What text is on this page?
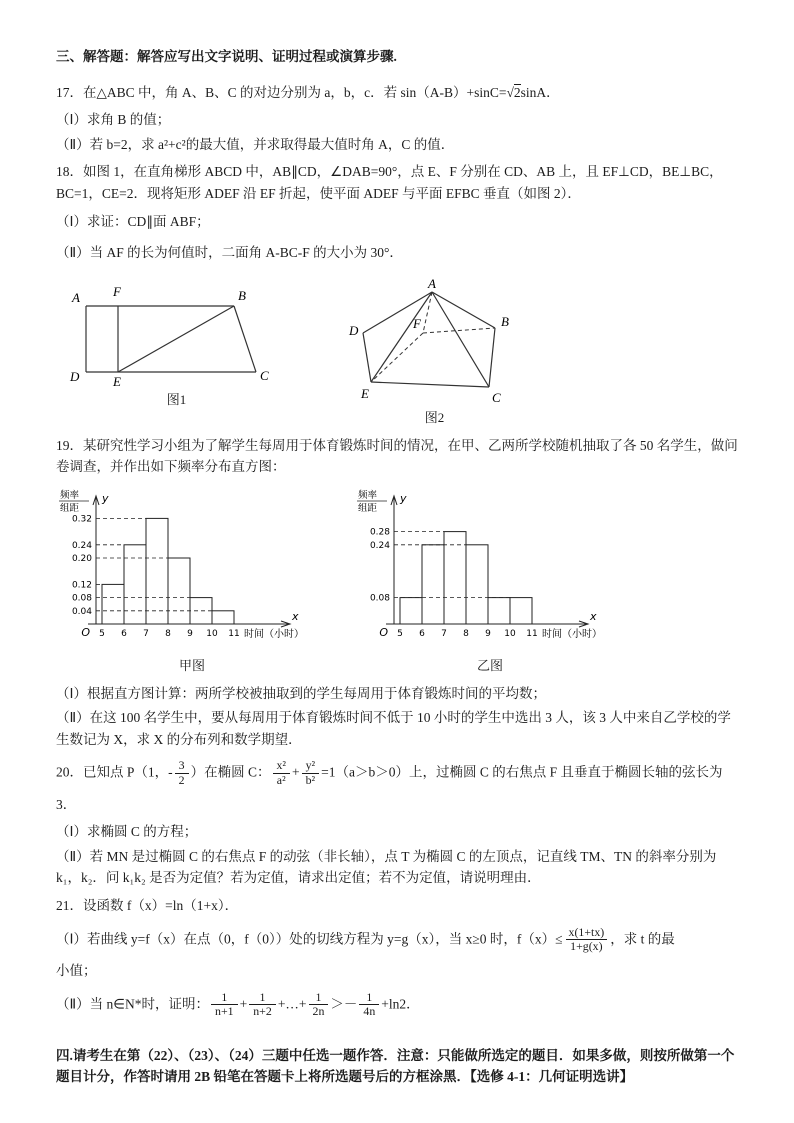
三、解答题：解答应写出文字说明、证明过程或演算步骤.

17．在△ABC 中，角 A、B、C 的对边分别为 a，b，c．若 sin（A-B）+sinC=√2sinA．

（Ⅰ）求角 B 的值；

（Ⅱ）若 b=2，求 a²+c²的最大值，并求取得最大值时角 A，C 的值．

18．如图 1，在直角梯形 ABCD 中，AB∥CD，∠DAB=90°，点 E、F 分别在 CD、AB 上，且 EF⊥CD，BE⊥BC，BC=1，CE=2．现将矩形 ADEF 沿 EF 折起，使平面 ADEF 与平面 EFBC 垂直（如图 2）．

（Ⅰ）求证：CD∥面 ABF；

（Ⅱ）当 AF 的长为何值时，二面角 A-BC-F 的大小为 30°．

A	F	B
D	E	C
图1
A
D	F	B
E	C
图2

19．某研究性学习小组为了解学生每周用于体育锻炼时间的情况，在甲、乙两所学校随机抽取了各 50 名学生，做问卷调查，并作出如下频率分布直方图：

y
x
O
频率
组距
0.04
0.08
0.12
0.20
0.24
0.32
5 6 7 8 9 10 11 时间（小时）
甲图
y
x
O
频率
组距
0.08
0.24
0.28
5 6 7 8 9 10 11 时间（小时）
乙图

（Ⅰ）根据直方图计算：两所学校被抽取到的学生每周用于体育锻炼时间的平均数；

（Ⅱ）在这 100 名学生中，要从每周用于体育锻炼时间不低于 10 小时的学生中选出 3 人，该 3 人中来自乙学校的学生数记为 X，求 X 的分布列和数学期望．

20．已知点 P（1，- $\frac{3}{2}$ ）在椭圆 C： $\frac{\text{x²}}{\text{a²}} + \frac{\text{y²}}{\text{b²}} =1(a>b>0)$上，过椭圆 C 的右焦点 F 且垂直于椭圆长轴的弦长为

3．

（Ⅰ）求椭圆 C 的方程；

（Ⅱ）若 MN 是过椭圆 C 的右焦点 F 的动弦（非长轴），点 T 为椭圆 C 的左顶点，记直线 TM、TN 的斜率分别为 k₁，k₂．问 k₁k₂ 是否为定值？若为定值，请求出定值；若不为定值，请说明理由．

21．设函数 f（x）=ln（1+x）．

（Ⅰ）若曲线 y=f（x）在点（0，f（0））处的切线方程为 y=g（x），当 x≥0 时，$f(x)\le \frac{x(1+tx)}{1+g(x)}$ ，求 t 的最

小值；

（Ⅱ）当 n∈N*时，证明： $\frac{1}{n+1} + \frac{1}{n+2}$ +…+ $\frac{1}{2n} >- \frac{1}{4n} +\ln 2$．

四.请考生在第（22）、（23）、（24）三题中任选一题作答．注意：只能做所选定的题目．如果多做，则按所做第一个题目计分，作答时请用 2B 铅笔在答题卡上将所选题号后的方框涂黑．【选修 4-1：几何证明选讲】
